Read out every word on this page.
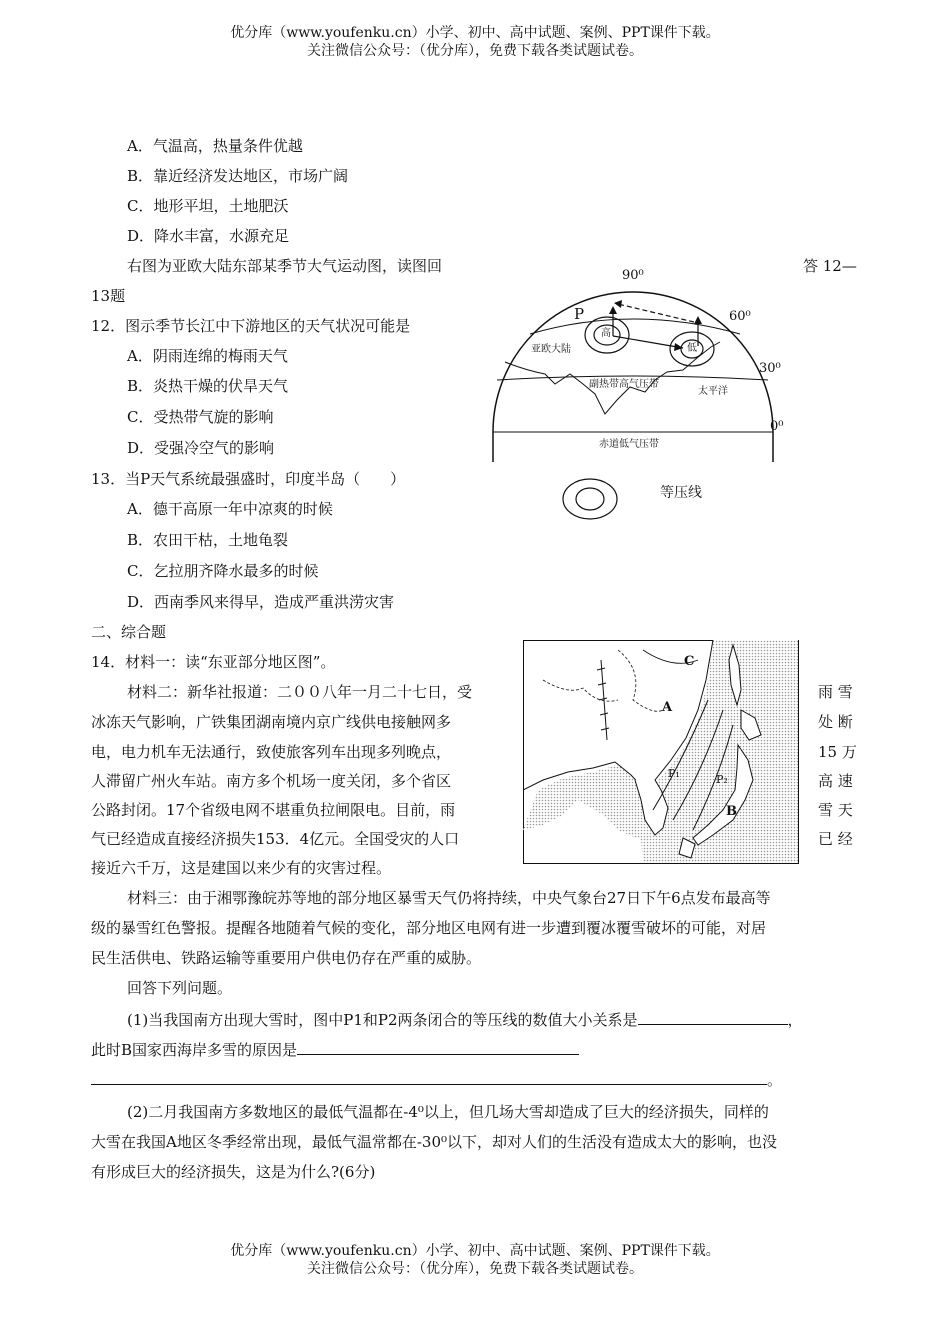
优分库（www.youfenku.cn）小学、初中、高中试题、案例、PPT课件下载。
关注微信公众号：（优分库），免费下载各类试题试卷。
A．气温高，热量条件优越
B．靠近经济发达地区，市场广阔
C．地形平坦，土地肥沃
D．降水丰富，水源充足
右图为亚欧大陆东部某季节大气运动图，读图回	答 12—
13题
12．图示季节长江中下游地区的天气状况可能是
A．阴雨连绵的梅雨天气
B．炎热干燥的伏旱天气
C．受热带气旋的影响
D．受强冷空气的影响
13．当P天气系统最强盛时，印度半岛（　　）
A．德干高原一年中凉爽的时候
B．农田干枯，土地龟裂
C．乞拉朋齐降水最多的时候
D．西南季风来得早，造成严重洪涝灾害
90⁰
60⁰
30⁰
0⁰
P
高
低
亚欧大陆
副热带高气压带
太平洋
赤道低气压带
等压线
二、综合题
14．材料一：读“东亚部分地区图”。
材料二：新华社报道：二００八年一月二十七日，受
冰冻天气影响，广铁集团湖南境内京广线供电接触网多
电，电力机车无法通行，致使旅客列车出现多列晚点，
人滞留广州火车站。南方多个机场一度关闭，多个省区
公路封闭。17个省级电网不堪重负拉闸限电。目前，雨
气已经造成直接经济损失153．4亿元。全国受灾的人口
接近六千万，这是建国以来少有的灾害过程。
雨 雪
处 断
15 万
高 速
雪 天
已 经
C
A
B
P₁	P₂
材料三：由于湘鄂豫皖苏等地的部分地区暴雪天气仍将持续，中央气象台27日下午6点发布最高等
级的暴雪红色警报。提醒各地随着气候的变化，部分地区电网有进一步遭到覆冰覆雪破坏的可能，对居
民生活供电、铁路运输等重要用户供电仍存在严重的威胁。
回答下列问题。
(1)当我国南方出现大雪时，图中P1和P2两条闭合的等压线的数值大小关系是	，
此时B国家西海岸多雪的原因是
。
(2)二月我国南方多数地区的最低气温都在-4⁰以上，但几场大雪却造成了巨大的经济损失，同样的
大雪在我国A地区冬季经常出现，最低气温常都在-30⁰以下，却对人们的生活没有造成太大的影响，也没
有形成巨大的经济损失，这是为什么?(6分)
优分库（www.youfenku.cn）小学、初中、高中试题、案例、PPT课件下载。
关注微信公众号：（优分库），免费下载各类试题试卷。
